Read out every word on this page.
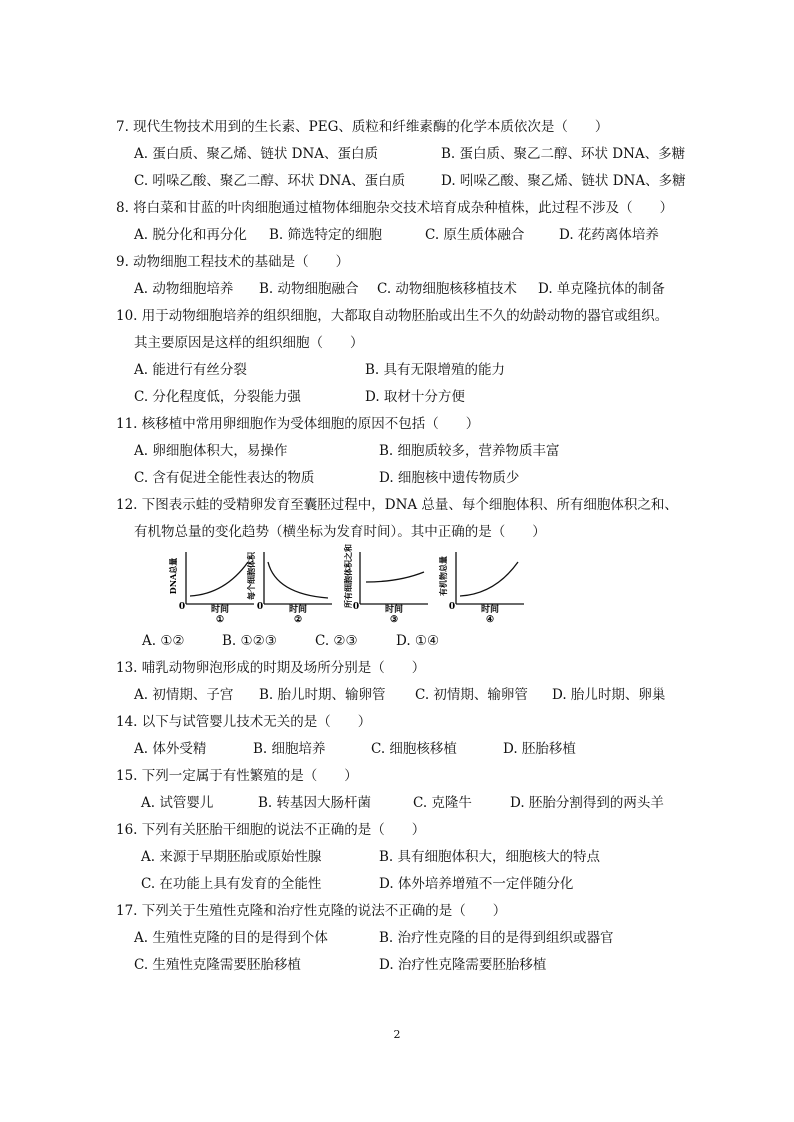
7. 现代生物技术用到的生长素、PEG、质粒和纤维素酶的化学本质依次是（　　）
A. 蛋白质、聚乙烯、链状 DNA、蛋白质	B. 蛋白质、聚乙二醇、环状 DNA、多糖
C. 吲哚乙酸、聚乙二醇、环状 DNA、蛋白质	D. 吲哚乙酸、聚乙烯、链状 DNA、多糖
8. 将白菜和甘蓝的叶肉细胞通过植物体细胞杂交技术培育成杂种植株，此过程不涉及（　　）
A. 脱分化和再分化 B. 筛选特定的细胞	C. 原生质体融合	D. 花药离体培养
9. 动物细胞工程技术的基础是（　　）
A. 动物细胞培养 B. 动物细胞融合 C. 动物细胞核移植技术 D. 单克隆抗体的制备
10. 用于动物细胞培养的组织细胞，大都取自动物胚胎或出生不久的幼龄动物的器官或组织。
其主要原因是这样的组织细胞（　　）
A. 能进行有丝分裂	B. 具有无限增殖的能力
C. 分化程度低，分裂能力强	D. 取材十分方便
11. 核移植中常用卵细胞作为受体细胞的原因不包括（　　）
A. 卵细胞体积大，易操作	B. 细胞质较多，营养物质丰富
C. 含有促进全能性表达的物质	D. 细胞核中遗传物质少
12. 下图表示蛙的受精卵发育至囊胚过程中，DNA 总量、每个细胞体积、所有细胞体积之和、
有机物总量的变化趋势（横坐标为发育时间）。其中正确的是（　　）
DNA总量
0	时间
①
每个细胞体积
0	时间
②
所有细胞体积之和 0	时间
③
有机物总量
0	时间
④
A. ①②	B. ①②③	C. ②③	D. ①④
13. 哺乳动物卵泡形成的时期及场所分别是（　　）
A. 初情期、子宫 B. 胎儿时期、输卵管 C. 初情期、输卵管 D. 胎儿时期、卵巢
14. 以下与试管婴儿技术无关的是（　　）
A. 体外受精	B. 细胞培养	C. 细胞核移植	D. 胚胎移植
15. 下列一定属于有性繁殖的是（　　）
A. 试管婴儿	B. 转基因大肠杆菌	C. 克隆牛	D. 胚胎分割得到的两头羊
16. 下列有关胚胎干细胞的说法不正确的是（　　）
A. 来源于早期胚胎或原始性腺	B. 具有细胞体积大，细胞核大的特点
C. 在功能上具有发育的全能性	D. 体外培养增殖不一定伴随分化
17. 下列关于生殖性克隆和治疗性克隆的说法不正确的是（　　）
A. 生殖性克隆的目的是得到个体	B. 治疗性克隆的目的是得到组织或器官
C. 生殖性克隆需要胚胎移植	D. 治疗性克隆需要胚胎移植
2
